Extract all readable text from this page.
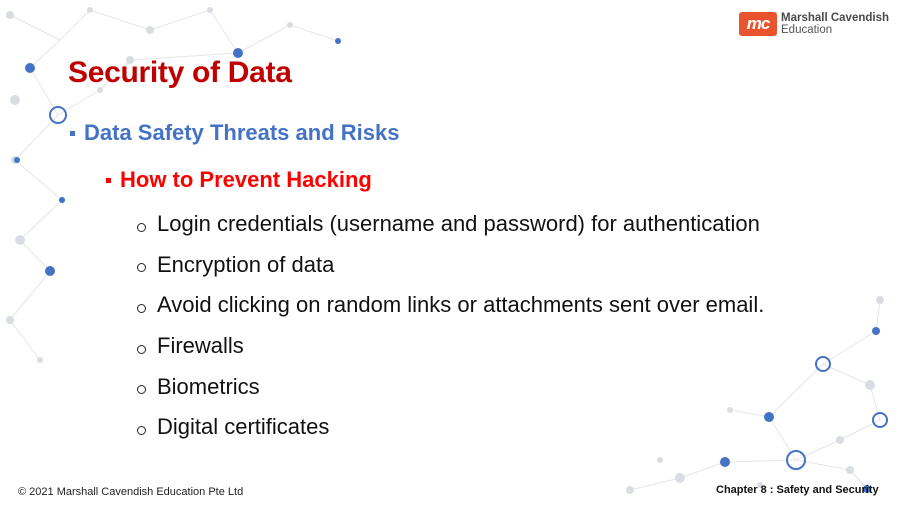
mc	Marshall Cavendish
Education
Security of Data
Data Safety Threats and Risks
How to Prevent Hacking
Login credentials (username and password) for authentication
Encryption of data
Avoid clicking on random links or attachments sent over email.
Firewalls
Biometrics
Digital certificates
© 2021 Marshall Cavendish Education Pte Ltd	Chapter 8 : Safety and Security
